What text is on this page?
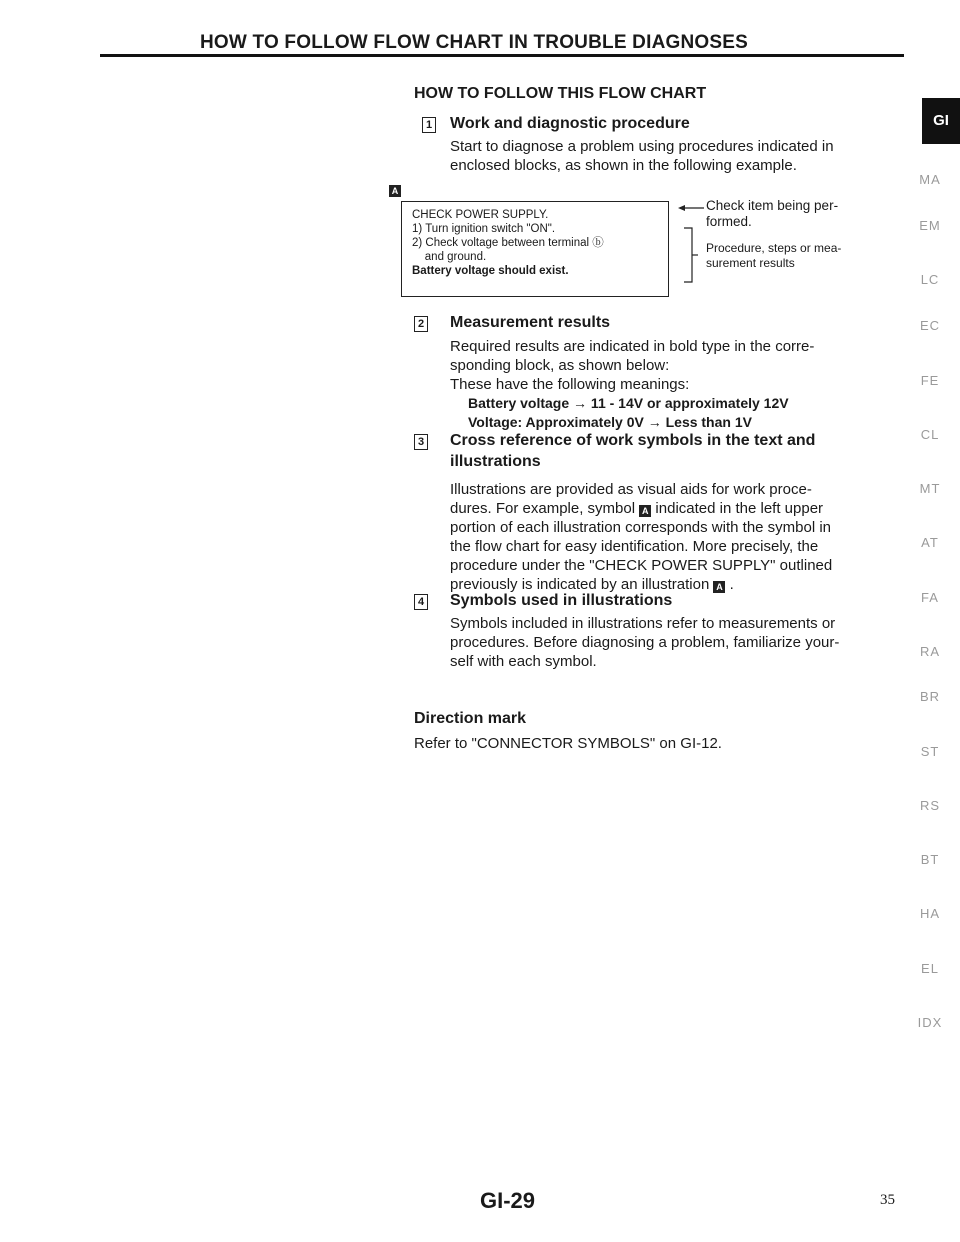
HOW TO FOLLOW FLOW CHART IN TROUBLE DIAGNOSES
HOW TO FOLLOW THIS FLOW CHART
1 Work and diagnostic procedure
Start to diagnose a problem using procedures indicated in
enclosed blocks, as shown in the following example.
A
CHECK POWER SUPPLY.
1) Turn ignition switch "ON".
2) Check voltage between terminal ⓑ
and ground.
Battery voltage should exist.
Check item being per-
formed.
Procedure, steps or mea-
surement results
2 Measurement results
Required results are indicated in bold type in the corre-
sponding block, as shown below:
These have the following meanings:
Battery voltage → 11 - 14V or approximately 12V
Voltage: Approximately 0V → Less than 1V
3 Cross reference of work symbols in the text and
illustrations
Illustrations are provided as visual aids for work proce-
dures. For example, symbol A indicated in the left upper
portion of each illustration corresponds with the symbol in
the flow chart for easy identification. More precisely, the
procedure under the "CHECK POWER SUPPLY" outlined
previously is indicated by an illustration A .
4 Symbols used in illustrations
Symbols included in illustrations refer to measurements or
procedures. Before diagnosing a problem, familiarize your-
self with each symbol.
Direction mark
Refer to "CONNECTOR SYMBOLS" on GI-12.
GI
MA
EM
LC
EC
FE
CL
MT
AT
FA
RA
BR
ST
RS
BT
HA
EL
IDX
GI-29	35
